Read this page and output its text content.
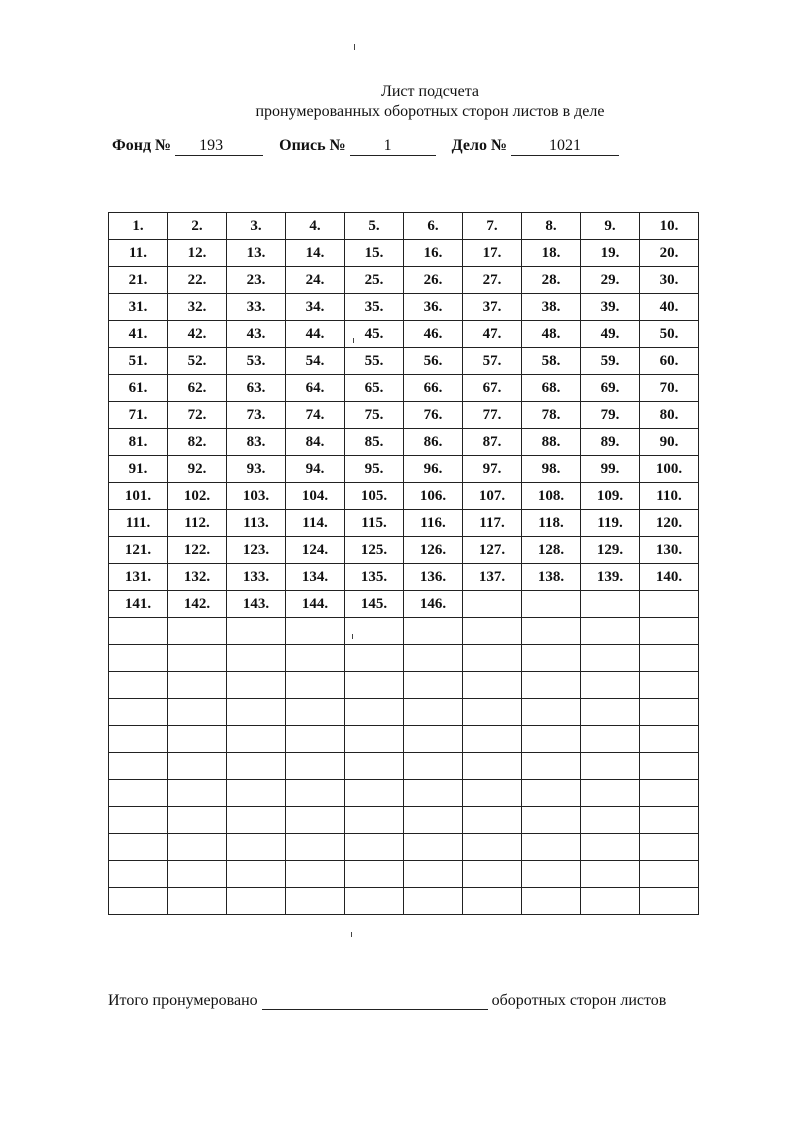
Лист подсчета
пронумерованных оборотных сторон листов в деле
Фонд № 193	Опись № 1	Дело №	1021
1.	2.	3.	4.	5.	6.	7.	8.	9.	10.
11.	12.	13.	14.	15.	16.	17.	18.	19.	20.
21.	22.	23.	24.	25.	26.	27.	28.	29.	30.
31.	32.	33.	34.	35.	36.	37.	38.	39.	40.
41.	42.	43.	44.	45.	46.	47.	48.	49.	50.
51.	52.	53.	54.	55.	56.	57.	58.	59.	60.
61.	62.	63.	64.	65.	66.	67.	68.	69.	70.
71.	72.	73.	74.	75.	76.	77.	78.	79.	80.
81.	82.	83.	84.	85.	86.	87.	88.	89.	90.
91.	92.	93.	94.	95.	96.	97.	98.	99.	100.
101.	102.	103.	104.	105.	106.	107.	108.	109.	110.
111.	112.	113.	114.	115.	116.	117.	118.	119.	120.
121.	122.	123.	124.	125.	126.	127.	128.	129.	130.
131.	132.	133.	134.	135.	136.	137.	138.	139.	140.
141.	142.	143.	144.	145.	146.				

Итого пронумеровано	оборотных сторон листов
